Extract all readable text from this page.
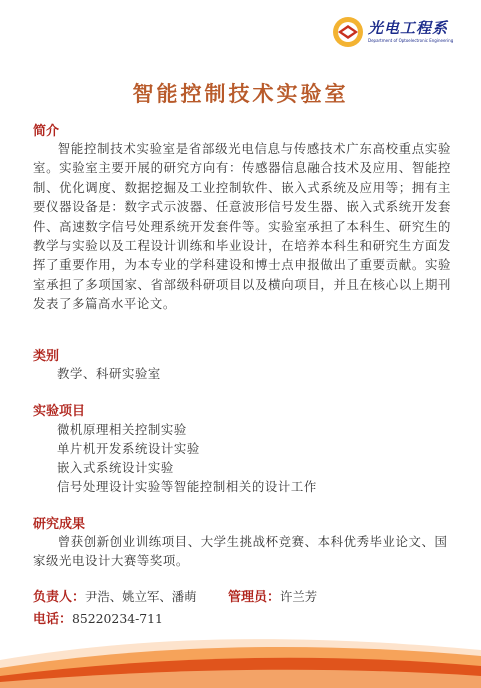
光电工程系
Department of Optoelectronic Engineering
智能控制技术实验室
简介
智能控制技术实验室是省部级光电信息与传感技术广东高校重点实验室。实验室主要开展的研究方向有：传感器信息融合技术及应用、智能控制、优化调度、数据挖掘及工业控制软件、嵌入式系统及应用等；拥有主要仪器设备是：数字式示波器、任意波形信号发生器、嵌入式系统开发套件、高速数字信号处理系统开发套件等。实验室承担了本科生、研究生的教学与实验以及工程设计训练和毕业设计，在培养本科生和研究生方面发挥了重要作用，为本专业的学科建设和博士点申报做出了重要贡献。实验室承担了多项国家、省部级科研项目以及横向项目，并且在核心以上期刊发表了多篇高水平论文。
类别
教学、科研实验室
实验项目
微机原理相关控制实验
单片机开发系统设计实验
嵌入式系统设计实验
信号处理设计实验等智能控制相关的设计工作
研究成果
曾获创新创业训练项目、大学生挑战杯竞赛、本科优秀毕业论文、国家级光电设计大赛等奖项。
负责人：尹浩、姚立军、潘萌 管理员：许兰芳
电话：85220234-711
